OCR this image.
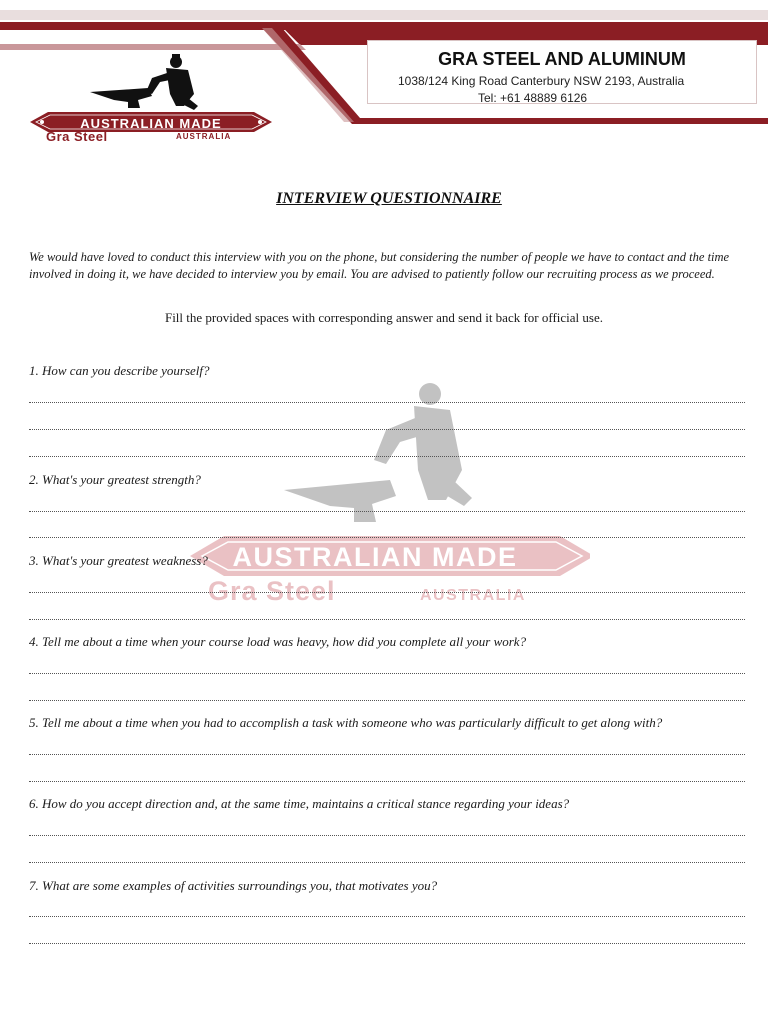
GRA STEEL AND ALUMINUM
1038/124 King Road Canterbury NSW 2193, Australia
Tel: +61 48889 6126
AUSTRALIAN MADE
Gra Steel	AUSTRALIA
AUSTRALIAN MADE
Gra Steel	AUSTRALIA
INTERVIEW QUESTIONNAIRE
We would have loved to conduct this interview with you on the phone, but considering the number of people we have to contact and the time involved in doing it, we have decided to interview you by email. You are advised to patiently follow our recruiting process as we proceed.
Fill the provided spaces with corresponding answer and send it back for official use.
1. How can you describe yourself?
2. What's your greatest strength?
3. What's your greatest weakness?
4. Tell me about a time when your course load was heavy, how did you complete all your work?
5. Tell me about a time when you had to accomplish a task with someone who was particularly difficult to get along with?
6. How do you accept direction and, at the same time, maintains a critical stance regarding your ideas?
7. What are some examples of activities surroundings you, that motivates you?
